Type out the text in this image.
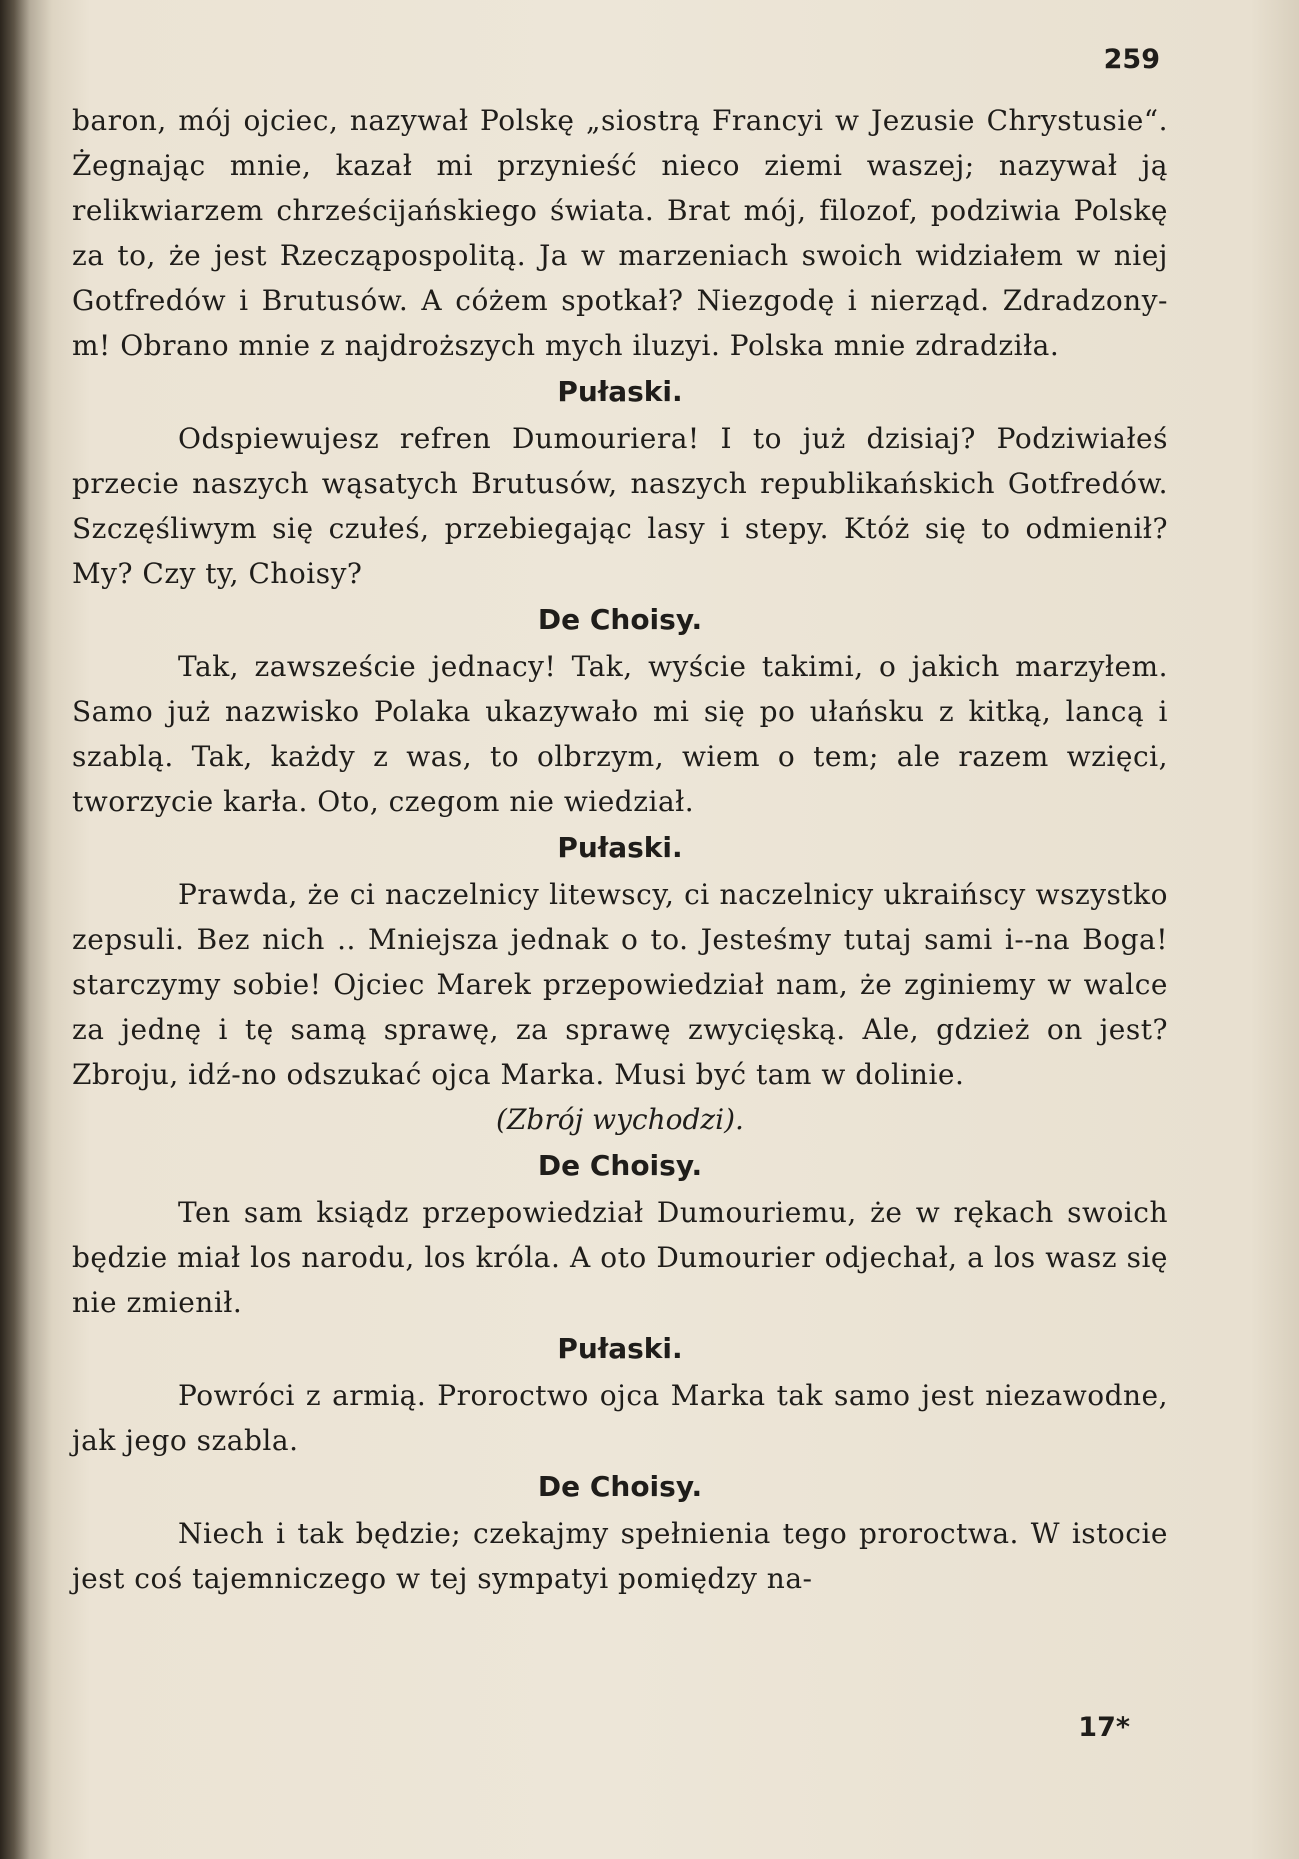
259

baron, mój ojciec, nazywał Polskę „siostrą Francyi w Jezusie Chrystusie“. Żegnając mnie, kazał mi przynieść nieco ziemi waszej; nazywał ją relikwiarzem chrześcijańskiego świata. Brat mój, filozof, podziwia Polskę za to, że jest Rzecząpospolitą. Ja w marzeniach swoich widziałem w niej Gotfredów i Brutusów. A cóżem spotkał? Niezgodę i nierząd. Zdradzony-m! Obrano mnie z najdroższych mych iluzyi. Polska mnie zdradziła.

Pułaski.

Odspiewujesz refren Dumouriera! I to już dzisiaj? Podziwiałeś przecie naszych wąsatych Brutusów, naszych republikańskich Gotfredów. Szczęśliwym się czułeś, przebiegając lasy i stepy. Któż się to odmienił? My? Czy ty, Choisy?

De Choisy.

Tak, zawszeście jednacy! Tak, wyście takimi, o jakich marzyłem. Samo już nazwisko Polaka ukazywało mi się po ułańsku z kitką, lancą i szablą. Tak, każdy z was, to olbrzym, wiem o tem; ale razem wzięci, tworzycie karła. Oto, czegom nie wiedział.

Pułaski.

Prawda, że ci naczelnicy litewscy, ci naczelnicy ukraińscy wszystko zepsuli. Bez nich .. Mniejsza jednak o to. Jesteśmy tutaj sami i--na Boga! starczymy sobie! Ojciec Marek przepowiedział nam, że zginiemy w walce za jednę i tę samą sprawę, za sprawę zwycięską. Ale, gdzież on jest? Zbroju, idź-no odszukać ojca Marka. Musi być tam w dolinie.

(Zbrój wychodzi).

De Choisy.

Ten sam ksiądz przepowiedział Dumouriemu, że w rękach swoich będzie miał los narodu, los króla. A oto Dumourier odjechał, a los wasz się nie zmienił.

Pułaski.

Powróci z armią. Proroctwo ojca Marka tak samo jest niezawodne, jak jego szabla.

De Choisy.

Niech i tak będzie; czekajmy spełnienia tego proroctwa. W istocie jest coś tajemniczego w tej sympatyi pomiędzy na-

17*
